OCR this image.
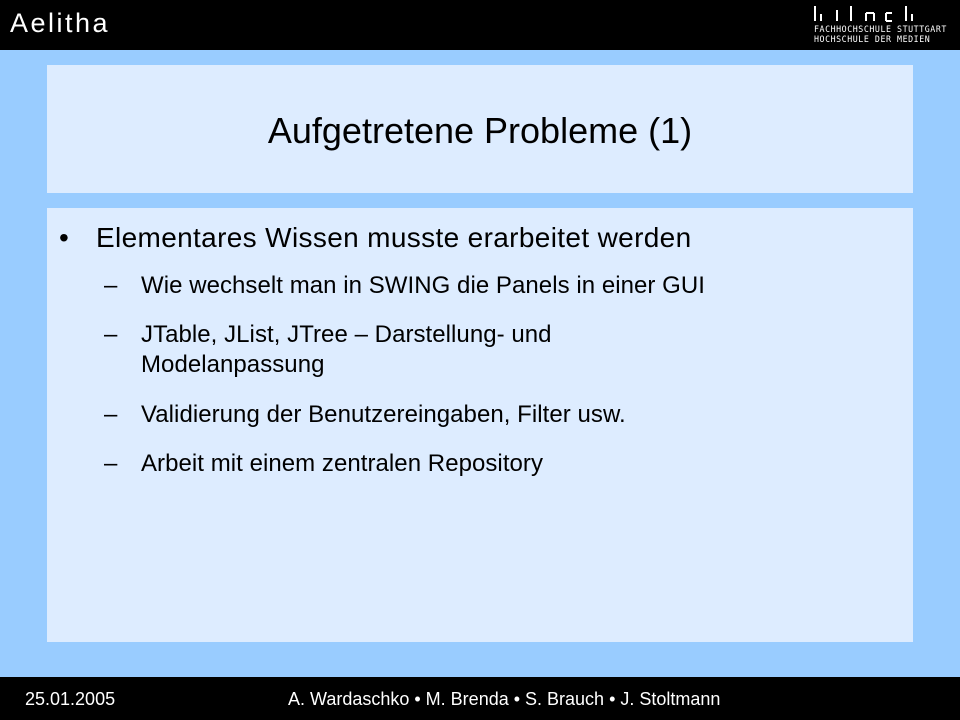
Aelitha	FACHHOCHSCHULE STUTTGART
HOCHSCHULE DER MEDIEN
Aufgetretene Probleme (1)
• Elementares Wissen musste erarbeitet werden
– Wie wechselt man in SWING die Panels in einer GUI
– JTable, JList, JTree – Darstellung- und Modelanpassung
– Validierung der Benutzereingaben, Filter usw.
– Arbeit mit einem zentralen Repository
25.01.2005	A. Wardaschko • M. Brenda • S. Brauch • J. Stoltmann
